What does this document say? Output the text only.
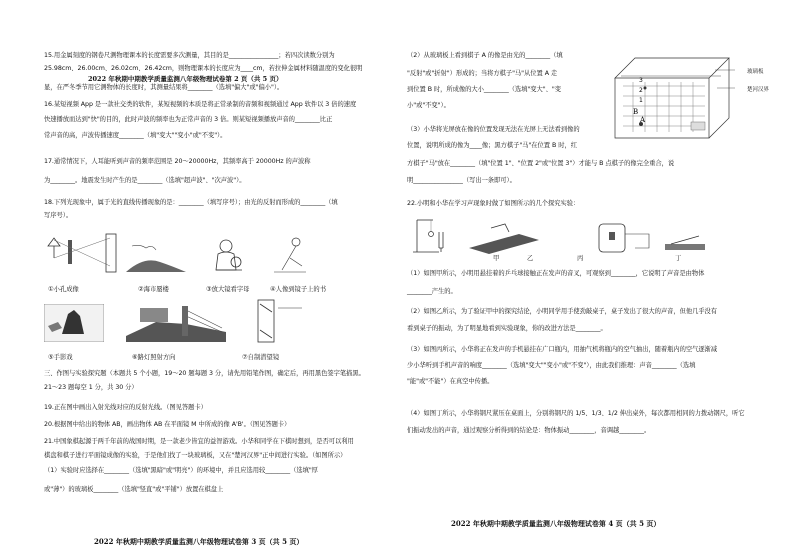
15.用金属刻度的钢卷尺测物理课本的长度需要多次测量，其目的是________________；若四次读数分别为
25.98cm、26.00cm、26.02cm、26.42cm，则物理课本的长度应为____cm，若拉伸金属材料随温度的变化很明
2022 年秋期中期教学质量监测八年级物理试卷第 2 页（共 5 页）
显，在严冬季节用它测物体的长度时，其测量结果将________（选填"偏大"或"偏小"）。
16.某短视频 App 是一款社交类的软件，某短视频的本质是将正常录制的音频和视频通过 App 软件以 3 倍的速度
快速播放而达到"快"的目的，此时声波的频率也为正常声音的 3 倍。则某短视频播放声音的________比正
常声音的高，声波传播速度________（填"变大""变小"或"不变"）。
17.通常情况下，人耳能听到声音的频率范围是 20～20000Hz，其频率高于 20000Hz 的声波称
为________。地震发生时产生的是________（选填"超声波"、"次声波"）。
18.下列光现象中，属于光的直线传播现象的是：________（填写序号）；由光的反射而形成的________（填
写序号）。
①小孔成像	②海市蜃楼	③放大镜看字母	④人像到镜子上的书
⑤手影戏	⑥路灯照射方向	⑦自制潜望镜
三、作图与实验探究题（本题共 5 个小题，19～20 题每题 3 分，请先用铅笔作图，确定后，再用黑色签字笔描黑。
21～23 题每空 1 分，共 30 分）
19.正在图中画出入射光线对应的反射光线。（图见答题卡）
20.根据图中给出的物体 AB，画出物体 AB 在平面镜 M 中所成的像 A'B'。（图见答题卡）
21.中国象棋起源于两千年前的战国时期，是一款老少皆宜的益智游戏。小华和同学在下棋时想到，是否可以利用
棋盘和棋子进行平面镜成像的实验，于是他们找了一块玻璃板，又在"楚河汉界"正中间进行实验。（如图所示）
（1）实验时应选择在________（选填"黑暗"或"明亮"）的环境中，并且应选用较________（选填"厚
或"薄"）的玻璃板________（选填"竖直"或"平铺"）放置在棋盘上
2022 年秋期中期教学质量监测八年级物理试卷第 3 页（共 5 页）
（2）从玻璃板上看到棋子 A 的像是由光的________（填
"反射"或"折射"）形成的；当将方棋子"马"从位置 A 走
到位置 B 时，所成像的大小________（选填"变大"、"变
小"或"不变"）。
（3）小华将光屏放在像的位置发现无法在光屏上无法看到像的
位置，说明所成的像为____像；黑方棋子"马"在位置 B 时，红
方棋子"马"放在________（填"位置 1"、"位置 2"或"位置 3"）才能与 B 点棋子的像完全重合，说
明________________（写出一条即可）。
A
3
2
1
B
玻璃板
楚河汉界
22.小明和小华在学习声现象时做了如图所示的几个探究实验：
甲	乙	丙	丁
（1）如图甲所示，小明用悬挂着的乒乓球接触正在发声的音叉，可观察到________，它说明了声音是由物体
________产生的。
（2）如图乙所示，为了验证甲中的探究结论，小明同学用手使劲敲桌子，桌子发出了很大的声音，但他几乎没有
看到桌子的振动，为了明显地看到实验现象，你的改进方法是________。
（3）如图丙所示，小华将正在发声的手机悬挂在广口瓶内，用抽气机将瓶内的空气抽出，随着瓶内的空气逐渐减
少小华听到手机声音的响度________（选填"变大""变小"或"不变"），由此我们推理：声音________（选填
"能"或"不能"）在真空中传播。
（4）如图丁所示，小华将钢尺紧压在桌面上，分别将钢尺的 1/5、1/3、1/2 伸出桌外，每次都用相同的力拨动钢尺，听它
们振动发出的声音，通过观察分析得到的结论是：物体振动________，音调越________。
2022 年秋期中期教学质量监测八年级物理试卷第 4 页（共 5 页）
